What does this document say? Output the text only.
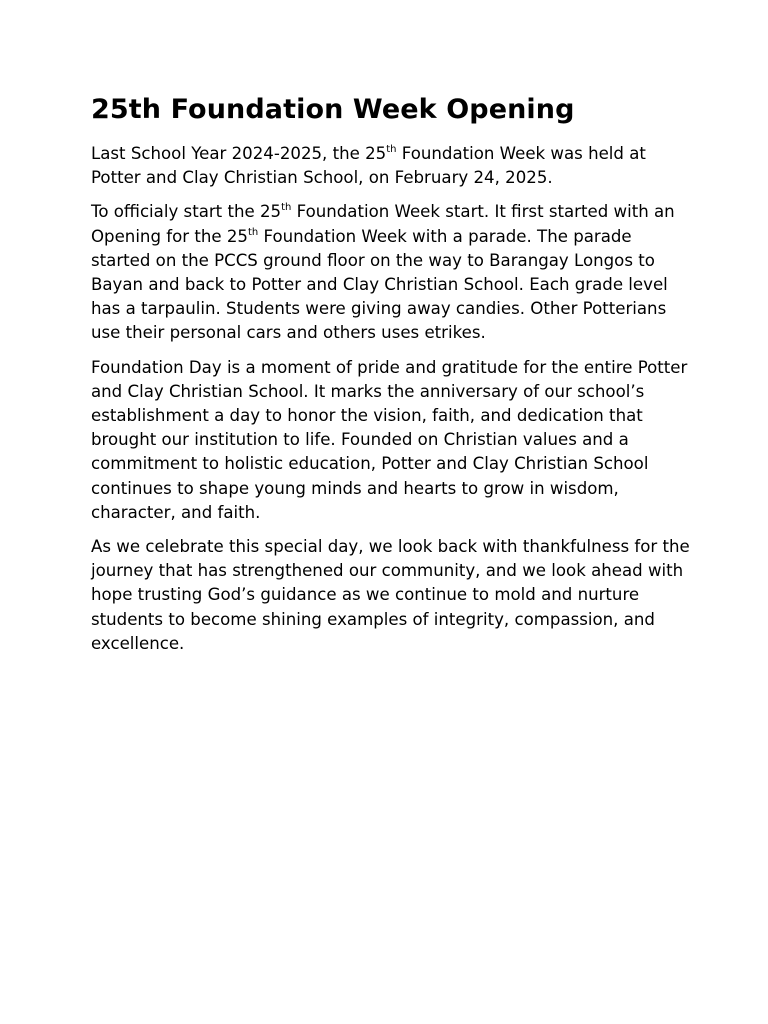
25th Foundation Week Opening

Last School Year 2024-2025, the 25th Foundation Week was held at Potter and Clay Christian School, on February 24, 2025.

To officialy start the 25th Foundation Week start. It first started with an Opening for the 25th Foundation Week with a parade. The parade started on the PCCS ground floor on the way to Barangay Longos to Bayan and back to Potter and Clay Christian School. Each grade level has a tarpaulin. Students were giving away candies. Other Potterians use their personal cars and others uses etrikes.

Foundation Day is a moment of pride and gratitude for the entire Potter and Clay Christian School. It marks the anniversary of our school’s establishment a day to honor the vision, faith, and dedication that brought our institution to life. Founded on Christian values and a commitment to holistic education, Potter and Clay Christian School continues to shape young minds and hearts to grow in wisdom, character, and faith.

As we celebrate this special day, we look back with thankfulness for the journey that has strengthened our community, and we look ahead with hope trusting God’s guidance as we continue to mold and nurture students to become shining examples of integrity, compassion, and excellence.
